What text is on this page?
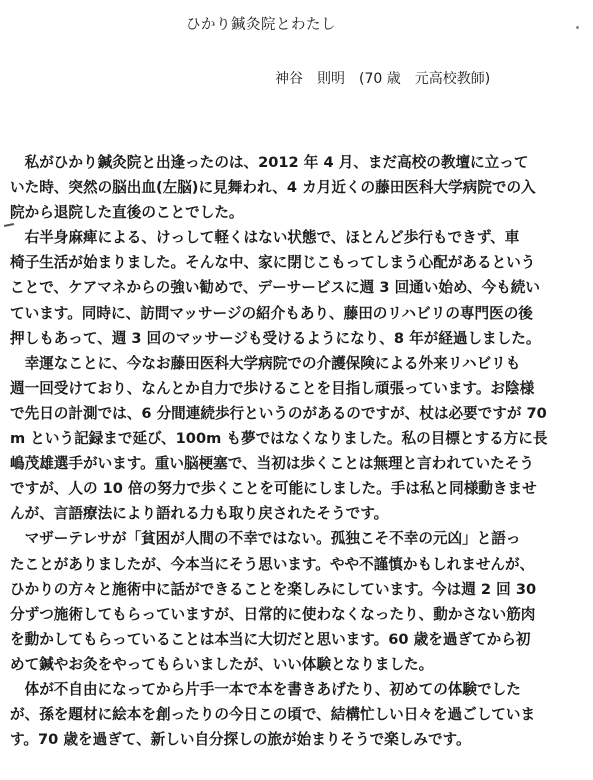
ひかり鍼灸院とわたし
神谷　則明　(70 歳　元高校教師)
　私がひかり鍼灸院と出逢ったのは、2012 年 4 月、まだ高校の教壇に立って
いた時、突然の脳出血(左脳)に見舞われ、4 カ月近くの藤田医科大学病院での入
院から退院した直後のことでした。
　右半身麻痺による、けっして軽くはない状態で、ほとんど歩行もできず、車
椅子生活が始まりました。そんな中、家に閉じこもってしまう心配があるという
ことで、ケアマネからの強い勧めで、デーサービスに週 3 回通い始め、今も続い
ています。同時に、訪問マッサージの紹介もあり、藤田のリハビリの専門医の後
押しもあって、週 3 回のマッサージも受けるようになり、8 年が経過しました。
　幸運なことに、今なお藤田医科大学病院での介護保険による外来リハビリも
週一回受けており、なんとか自力で歩けることを目指し頑張っています。お陰様
で先日の計測では、6 分間連続歩行というのがあるのですが、杖は必要ですが 70
m という記録まで延び、100m も夢ではなくなりました。私の目標とする方に長
嶋茂雄選手がいます。重い脳梗塞で、当初は歩くことは無理と言われていたそう
ですが、人の 10 倍の努力で歩くことを可能にしました。手は私と同様動きませ
んが、言語療法により語れる力も取り戻されたそうです。
　マザーテレサが「貧困が人間の不幸ではない。孤独こそ不幸の元凶」と語っ
たことがありましたが、今本当にそう思います。やや不謹慎かもしれませんが、
ひかりの方々と施術中に話ができることを楽しみにしています。今は週 2 回 30
分ずつ施術してもらっていますが、日常的に使わなくなったり、動かさない筋肉
を動かしてもらっていることは本当に大切だと思います。60 歳を過ぎてから初
めて鍼やお灸をやってもらいましたが、いい体験となりました。
　体が不自由になってから片手一本で本を書きあげたり、初めての体験でした
が、孫を題材に絵本を創ったりの今日この頃で、結構忙しい日々を過ごしていま
す。70 歳を過ぎて、新しい自分探しの旅が始まりそうで楽しみです。
